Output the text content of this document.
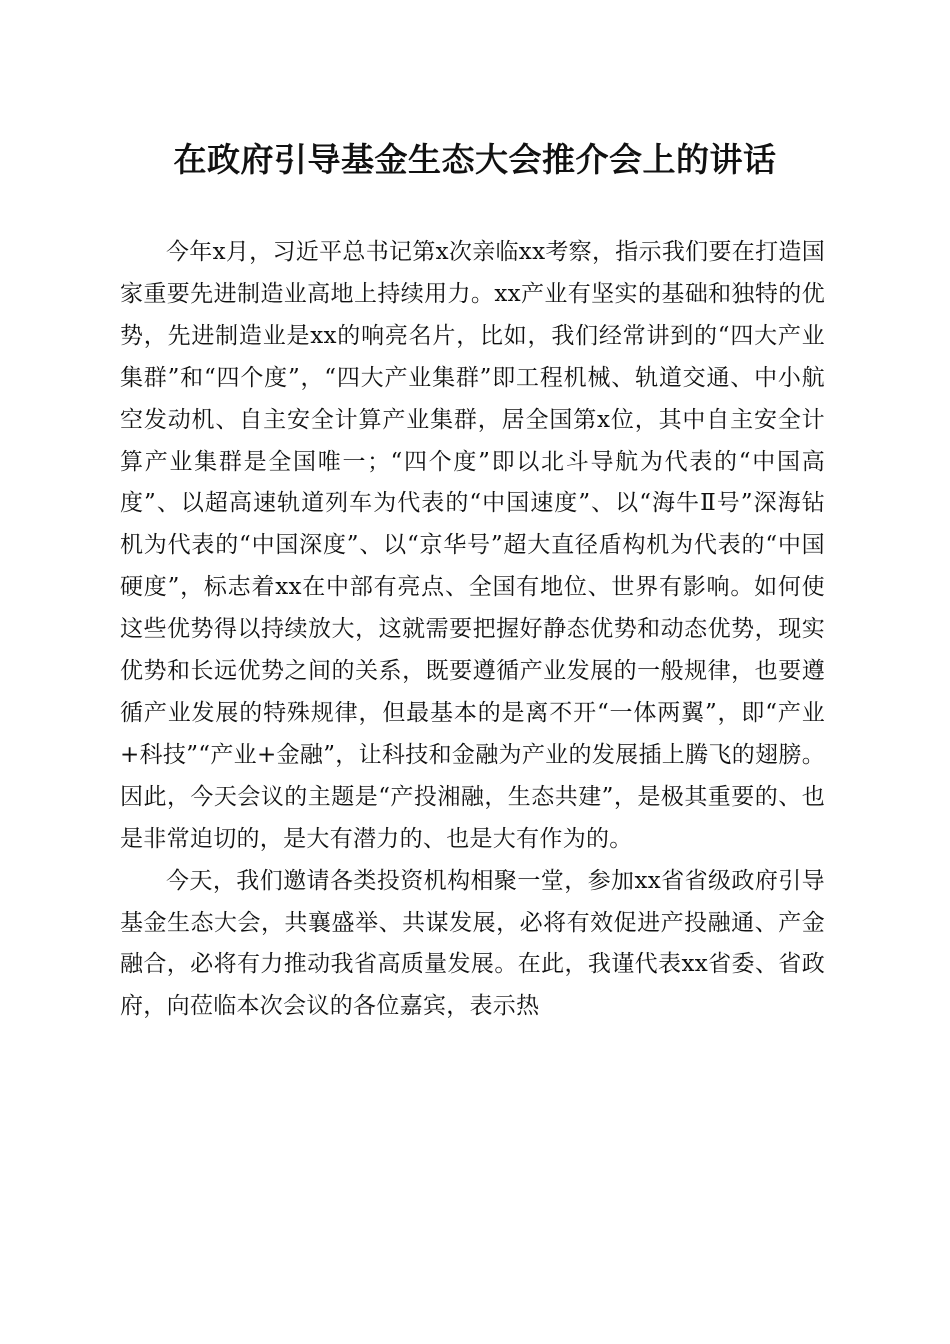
在政府引导基金生态大会推介会上的讲话

今年x月，习近平总书记第x次亲临xx考察，指示我们要在打造国家重要先进制造业高地上持续用力。xx产业有坚实的基础和独特的优势，先进制造业是xx的响亮名片，比如，我们经常讲到的“四大产业集群”和“四个度”，“四大产业集群”即工程机械、轨道交通、中小航空发动机、自主安全计算产业集群，居全国第x位，其中自主安全计算产业集群是全国唯一；“四个度”即以北斗导航为代表的“中国高度”、以超高速轨道列车为代表的“中国速度”、以“海牛Ⅱ号”深海钻机为代表的“中国深度”、以“京华号”超大直径盾构机为代表的“中国硬度”，标志着xx在中部有亮点、全国有地位、世界有影响。如何使这些优势得以持续放大，这就需要把握好静态优势和动态优势，现实优势和长远优势之间的关系，既要遵循产业发展的一般规律，也要遵循产业发展的特殊规律，但最基本的是离不开“一体两翼”，即“产业+科技”“产业+金融”，让科技和金融为产业的发展插上腾飞的翅膀。因此，今天会议的主题是“产投湘融，生态共建”，是极其重要的、也是非常迫切的，是大有潜力的、也是大有作为的。

今天，我们邀请各类投资机构相聚一堂，参加xx省省级政府引导基金生态大会，共襄盛举、共谋发展，必将有效促进产投融通、产金融合，必将有力推动我省高质量发展。在此，我谨代表xx省委、省政府，向莅临本次会议的各位嘉宾，表示热
